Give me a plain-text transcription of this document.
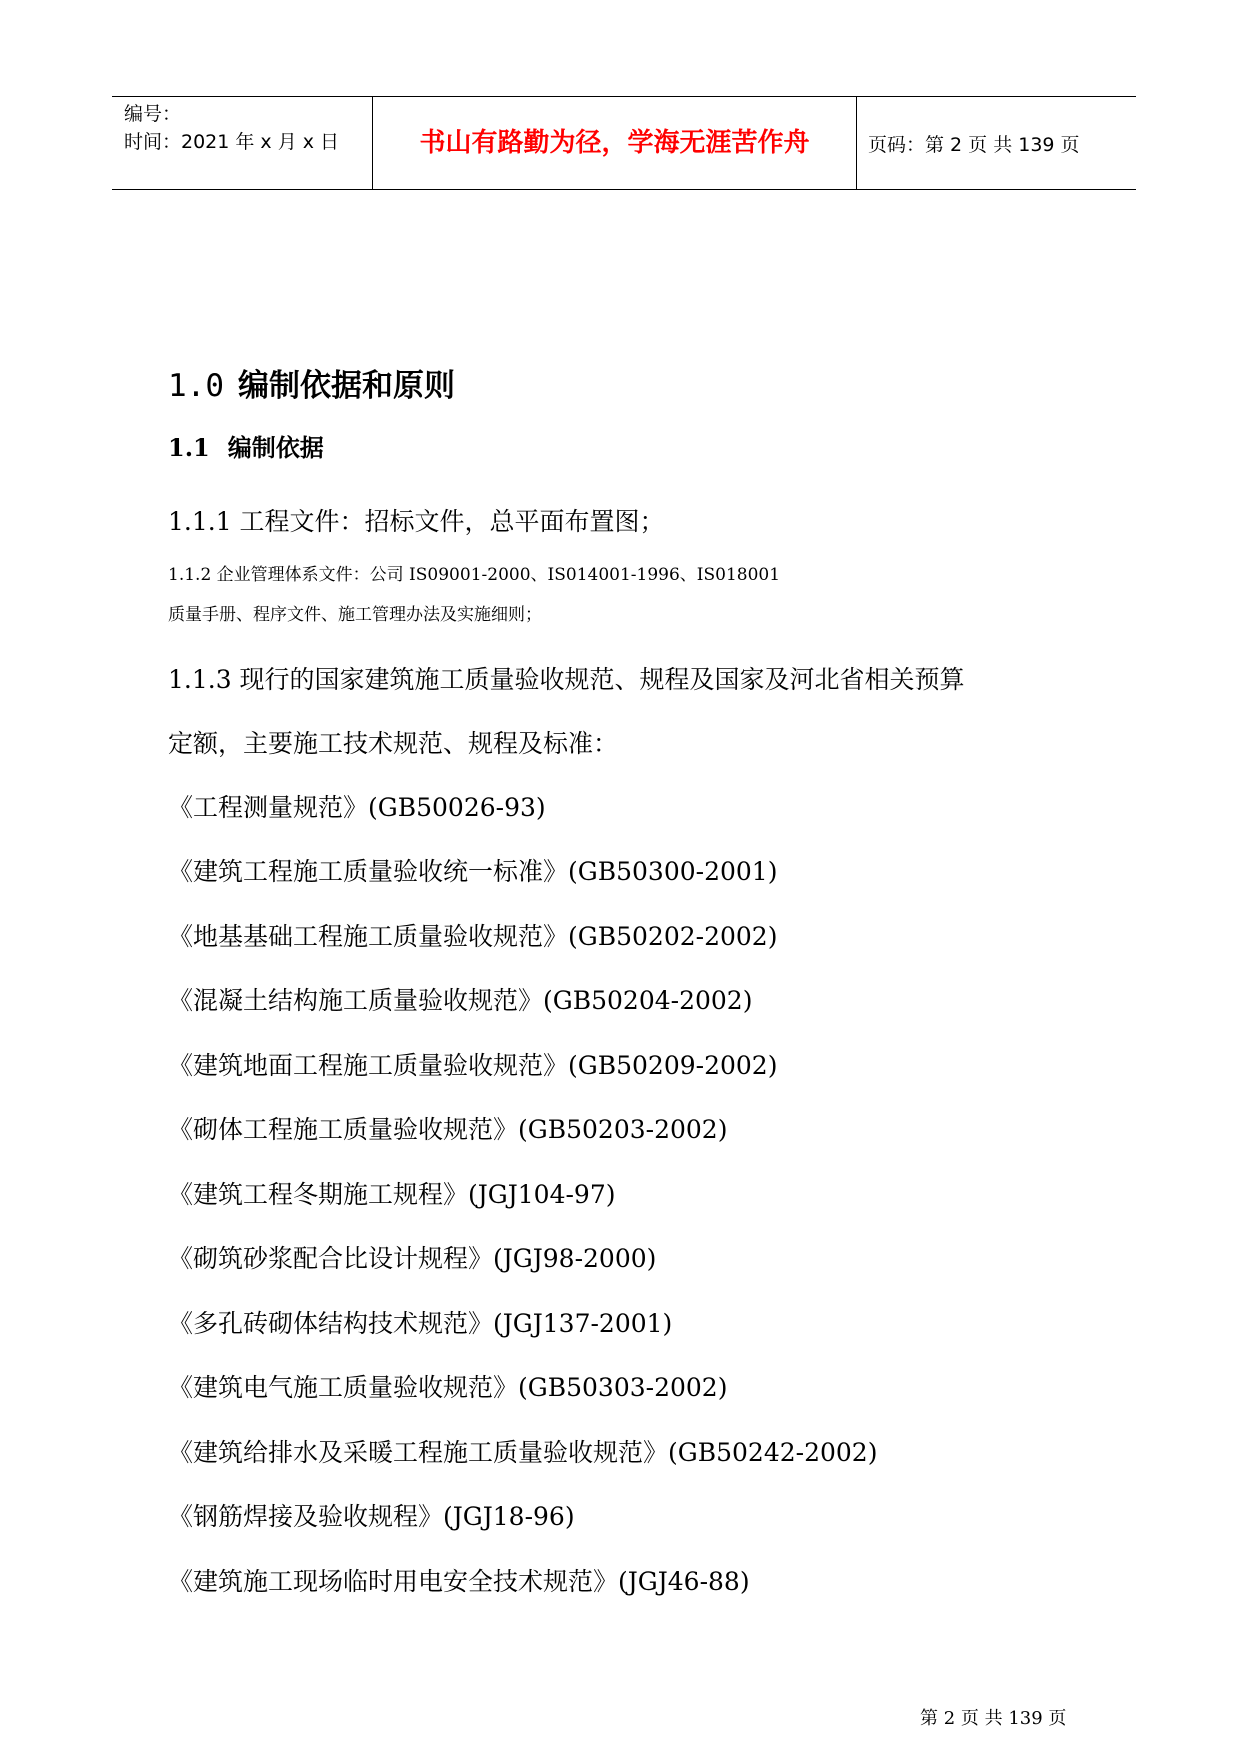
编号：
时间：2021 年 x 月 x 日	书山有路勤为径，学海无涯苦作舟	页码：第 2 页 共 139 页
1.0 编制依据和原则
1.1 编制依据
1.1.1 工程文件：招标文件，总平面布置图；
1.1.2 企业管理体系文件：公司 IS09001-2000、IS014001-1996、IS018001
质量手册、程序文件、施工管理办法及实施细则；
1.1.3 现行的国家建筑施工质量验收规范、规程及国家及河北省相关预算
定额，主要施工技术规范、规程及标准：
《工程测量规范》(GB50026-93)
《建筑工程施工质量验收统一标准》(GB50300-2001)
《地基基础工程施工质量验收规范》(GB50202-2002)
《混凝土结构施工质量验收规范》(GB50204-2002)
《建筑地面工程施工质量验收规范》(GB50209-2002)
《砌体工程施工质量验收规范》(GB50203-2002)
《建筑工程冬期施工规程》(JGJ104-97)
《砌筑砂浆配合比设计规程》(JGJ98-2000)
《多孔砖砌体结构技术规范》(JGJ137-2001)
《建筑电气施工质量验收规范》(GB50303-2002)
《建筑给排水及采暖工程施工质量验收规范》(GB50242-2002)
《钢筋焊接及验收规程》(JGJ18-96)
《建筑施工现场临时用电安全技术规范》(JGJ46-88)
第 2 页 共 139 页
